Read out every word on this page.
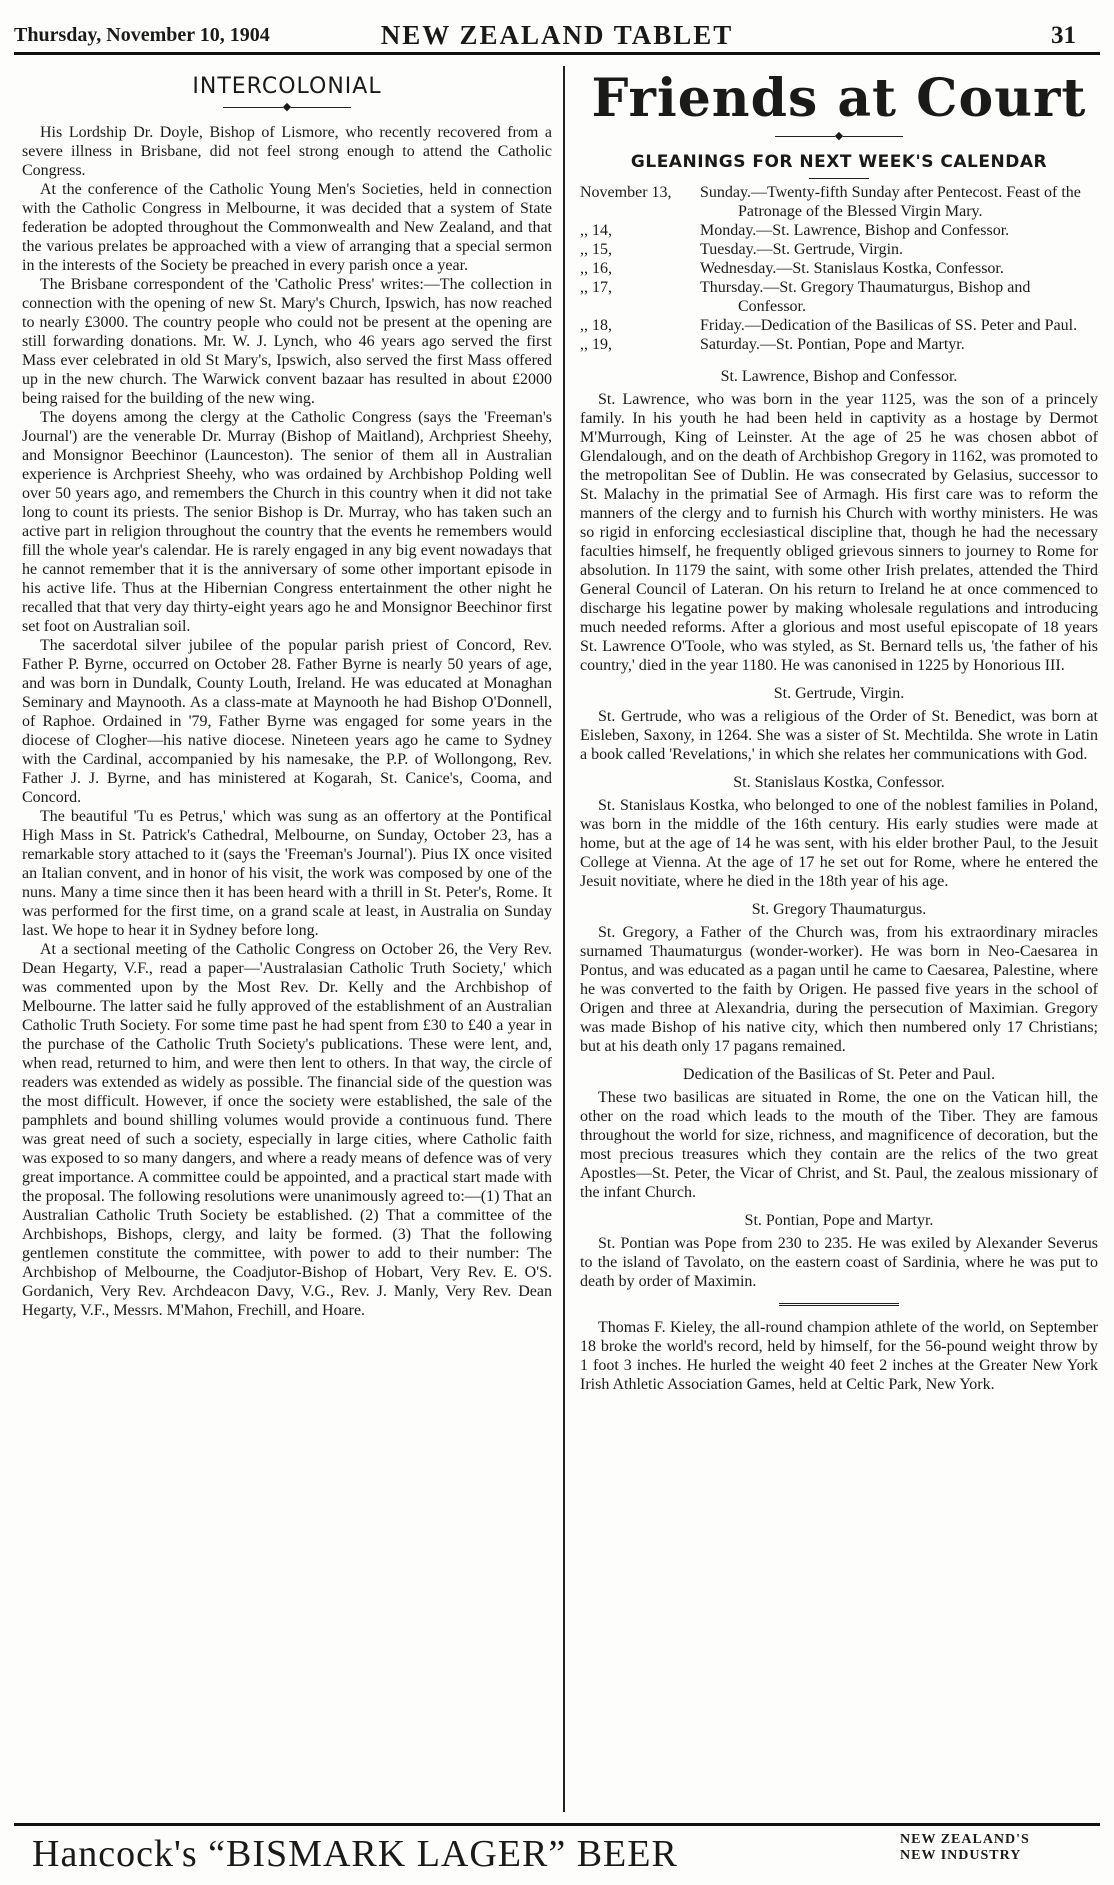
Thursday, November 10, 1904	NEW ZEALAND TABLET	31
INTERCOLONIAL
◆

His Lordship Dr. Doyle, Bishop of Lismore, who recently recovered from a severe illness in Brisbane, did not feel strong enough to attend the Catholic Congress.

At the conference of the Catholic Young Men's Societies, held in connection with the Catholic Congress in Melbourne, it was decided that a system of State federation be adopted throughout the Commonwealth and New Zealand, and that the various prelates be approached with a view of arranging that a special sermon in the interests of the Society be preached in every parish once a year.

The Brisbane correspondent of the 'Catholic Press' writes:—The collection in connection with the opening of new St. Mary's Church, Ipswich, has now reached to nearly £3000. The country people who could not be present at the opening are still forwarding donations. Mr. W. J. Lynch, who 46 years ago served the first Mass ever celebrated in old St Mary's, Ipswich, also served the first Mass offered up in the new church. The Warwick convent bazaar has resulted in about £2000 being raised for the building of the new wing.

The doyens among the clergy at the Catholic Congress (says the 'Freeman's Journal') are the venerable Dr. Murray (Bishop of Maitland), Archpriest Sheehy, and Monsignor Beechinor (Launceston). The senior of them all in Australian experience is Archpriest Sheehy, who was ordained by Archbishop Polding well over 50 years ago, and remembers the Church in this country when it did not take long to count its priests. The senior Bishop is Dr. Murray, who has taken such an active part in religion throughout the country that the events he remembers would fill the whole year's calendar. He is rarely engaged in any big event nowadays that he cannot remember that it is the anniversary of some other important episode in his active life. Thus at the Hibernian Congress entertainment the other night he recalled that that very day thirty-eight years ago he and Monsignor Beechinor first set foot on Australian soil.

The sacerdotal silver jubilee of the popular parish priest of Concord, Rev. Father P. Byrne, occurred on October 28. Father Byrne is nearly 50 years of age, and was born in Dundalk, County Louth, Ireland. He was educated at Monaghan Seminary and Maynooth. As a class-mate at Maynooth he had Bishop O'Donnell, of Raphoe. Ordained in '79, Father Byrne was engaged for some years in the diocese of Clogher—his native diocese. Nineteen years ago he came to Sydney with the Cardinal, accompanied by his namesake, the P.P. of Wollongong, Rev. Father J. J. Byrne, and has ministered at Kogarah, St. Canice's, Cooma, and Concord.

The beautiful 'Tu es Petrus,' which was sung as an offertory at the Pontifical High Mass in St. Patrick's Cathedral, Melbourne, on Sunday, October 23, has a remarkable story attached to it (says the 'Freeman's Journal'). Pius IX once visited an Italian convent, and in honor of his visit, the work was composed by one of the nuns. Many a time since then it has been heard with a thrill in St. Peter's, Rome. It was performed for the first time, on a grand scale at least, in Australia on Sunday last. We hope to hear it in Sydney before long.

At a sectional meeting of the Catholic Congress on October 26, the Very Rev. Dean Hegarty, V.F., read a paper—'Australasian Catholic Truth Society,' which was commented upon by the Most Rev. Dr. Kelly and the Archbishop of Melbourne. The latter said he fully approved of the establishment of an Australian Catholic Truth Society. For some time past he had spent from £30 to £40 a year in the purchase of the Catholic Truth Society's publications. These were lent, and, when read, returned to him, and were then lent to others. In that way, the circle of readers was extended as widely as possible. The financial side of the question was the most difficult. However, if once the society were established, the sale of the pamphlets and bound shilling volumes would provide a continuous fund. There was great need of such a society, especially in large cities, where Catholic faith was exposed to so many dangers, and where a ready means of defence was of very great importance. A committee could be appointed, and a practical start made with the proposal. The following resolutions were unanimously agreed to:—(1) That an Australian Catholic Truth Society be established. (2) That a committee of the Archbishops, Bishops, clergy, and laity be formed. (3) That the following gentlemen constitute the committee, with power to add to their number: The Archbishop of Melbourne, the Coadjutor-Bishop of Hobart, Very Rev. E. O'S. Gordanich, Very Rev. Archdeacon Davy, V.G., Rev. J. Manly, Very Rev. Dean Hegarty, V.F., Messrs. M'Mahon, Frechill, and Hoare.

Friends at Court
◆
GLEANINGS FOR NEXT WEEK'S CALENDAR
November 13,	Sunday.—Twenty-fifth Sunday after Pentecost. Feast of the Patronage of the Blessed Virgin Mary.
,, 14,	Monday.—St. Lawrence, Bishop and Confessor.
,, 15,	Tuesday.—St. Gertrude, Virgin.
,, 16,	Wednesday.—St. Stanislaus Kostka, Confessor.
,, 17,	Thursday.—St. Gregory Thaumaturgus, Bishop and Confessor.
,, 18,	Friday.—Dedication of the Basilicas of SS. Peter and Paul.
,, 19,	Saturday.—St. Pontian, Pope and Martyr.
St. Lawrence, Bishop and Confessor.

St. Lawrence, who was born in the year 1125, was the son of a princely family. In his youth he had been held in captivity as a hostage by Dermot M'Murrough, King of Leinster. At the age of 25 he was chosen abbot of Glendalough, and on the death of Archbishop Gregory in 1162, was promoted to the metropolitan See of Dublin. He was consecrated by Gelasius, successor to St. Malachy in the primatial See of Armagh. His first care was to reform the manners of the clergy and to furnish his Church with worthy ministers. He was so rigid in enforcing ecclesiastical discipline that, though he had the necessary faculties himself, he frequently obliged grievous sinners to journey to Rome for absolution. In 1179 the saint, with some other Irish prelates, attended the Third General Council of Lateran. On his return to Ireland he at once commenced to discharge his legatine power by making wholesale regulations and introducing much needed reforms. After a glorious and most useful episcopate of 18 years St. Lawrence O'Toole, who was styled, as St. Bernard tells us, 'the father of his country,' died in the year 1180. He was canonised in 1225 by Honorious III.

St. Gertrude, Virgin.

St. Gertrude, who was a religious of the Order of St. Benedict, was born at Eisleben, Saxony, in 1264. She was a sister of St. Mechtilda. She wrote in Latin a book called 'Revelations,' in which she relates her communications with God.

St. Stanislaus Kostka, Confessor.

St. Stanislaus Kostka, who belonged to one of the noblest families in Poland, was born in the middle of the 16th century. His early studies were made at home, but at the age of 14 he was sent, with his elder brother Paul, to the Jesuit College at Vienna. At the age of 17 he set out for Rome, where he entered the Jesuit novitiate, where he died in the 18th year of his age.

St. Gregory Thaumaturgus.

St. Gregory, a Father of the Church was, from his extraordinary miracles surnamed Thaumaturgus (wonder-worker). He was born in Neo-Caesarea in Pontus, and was educated as a pagan until he came to Caesarea, Palestine, where he was converted to the faith by Origen. He passed five years in the school of Origen and three at Alexandria, during the persecution of Maximian. Gregory was made Bishop of his native city, which then numbered only 17 Christians; but at his death only 17 pagans remained.

Dedication of the Basilicas of St. Peter and Paul.

These two basilicas are situated in Rome, the one on the Vatican hill, the other on the road which leads to the mouth of the Tiber. They are famous throughout the world for size, richness, and magnificence of decoration, but the most precious treasures which they contain are the relics of the two great Apostles—St. Peter, the Vicar of Christ, and St. Paul, the zealous missionary of the infant Church.

St. Pontian, Pope and Martyr.

St. Pontian was Pope from 230 to 235. He was exiled by Alexander Severus to the island of Tavolato, on the eastern coast of Sardinia, where he was put to death by order of Maximin.

Thomas F. Kieley, the all-round champion athlete of the world, on September 18 broke the world's record, held by himself, for the 56-pound weight throw by 1 foot 3 inches. He hurled the weight 40 feet 2 inches at the Greater New York Irish Athletic Association Games, held at Celtic Park, New York.

Hancock's “BISMARK LAGER” BEER	NEW ZEALAND'S
NEW INDUSTRY
